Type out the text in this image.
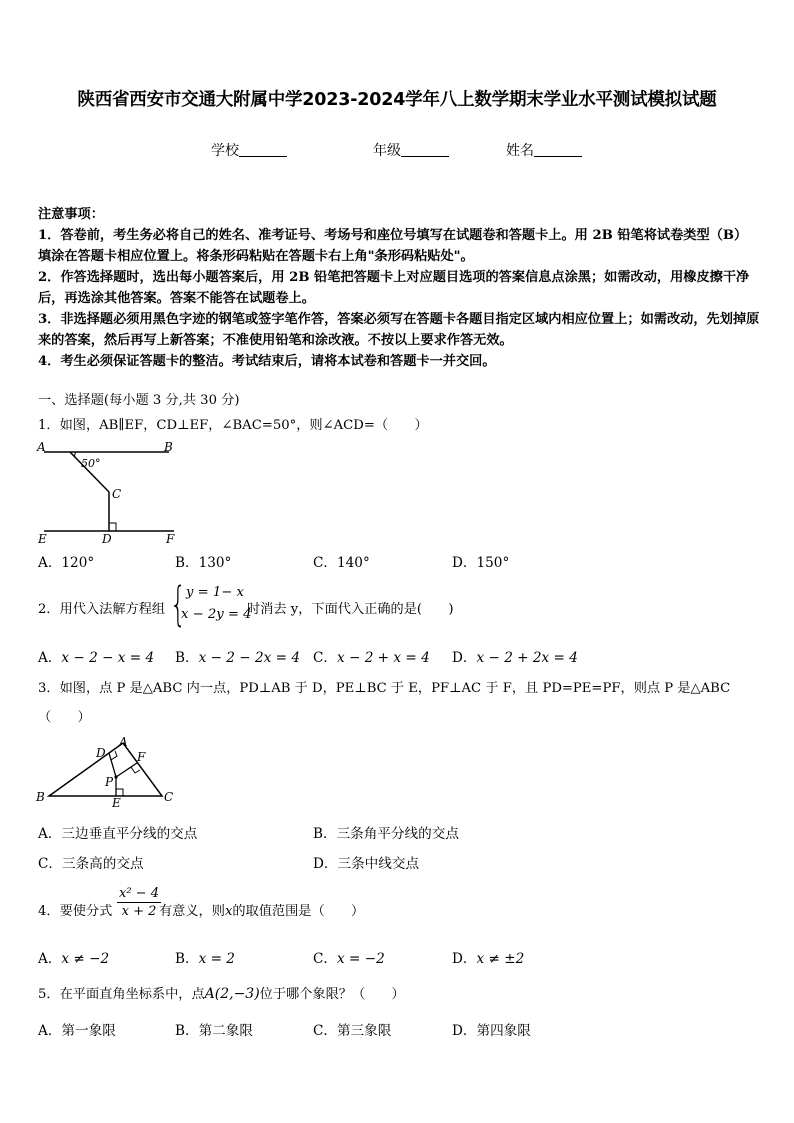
陕西省西安市交通大附属中学2023-2024学年八上数学期末学业水平测试模拟试题
学校	年级	姓名

注意事项：

1．答卷前，考生务必将自己的姓名、准考证号、考场号和座位号填写在试题卷和答题卡上。用 2B 铅笔将试卷类型（B）填涂在答题卡相应位置上。将条形码粘贴在答题卡右上角"条形码粘贴处"。

2．作答选择题时，选出每小题答案后，用 2B 铅笔把答题卡上对应题目选项的答案信息点涂黑；如需改动，用橡皮擦干净后，再选涂其他答案。答案不能答在试题卷上。

3．非选择题必须用黑色字迹的钢笔或签字笔作答，答案必须写在答题卡各题目指定区域内相应位置上；如需改动，先划掉原来的答案，然后再写上新答案；不准使用铅笔和涂改液。不按以上要求作答无效。

4．考生必须保证答题卡的整洁。考试结束后，请将本试卷和答题卡一并交回。

一、选择题(每小题 3 分,共 30 分)
1．如图，AB∥EF，CD⊥EF，∠BAC=50°，则∠ACD=（　　）
A	B
C
D
E	F
50°
A．120°	B．130°	C．140°	D．150°
2．用代入法解方程组 { y = 1− x
x − 2y = 4
时消去 y，下面代入正确的是(　　)
A．x − 2 − x = 4 B．x − 2 − 2x = 4 C．x − 2 + x = 4 D．x − 2 + 2x = 4
3．如图，点 P 是△ABC 内一点，PD⊥AB 于 D，PE⊥BC 于 E，PF⊥AC 于 F，且 PD=PE=PF，则点 P 是△ABC
（　　）
A
B	C
D
E
F
P
A．三边垂直平分线的交点	B．三条角平分线的交点
C．三条高的交点	D．三条中线交点
4．要使分式 $\frac{\text{x² − 4}}{x + 2}$
有意义，则x的取值范围是（　　）
A．x ≠ −2	B．x = 2	C．x = −2	D．x ≠ ±2
5．在平面直角坐标系中，点A(2,−3)位于哪个象限？（　　）
A．第一象限	B．第二象限	C．第三象限	D．第四象限
